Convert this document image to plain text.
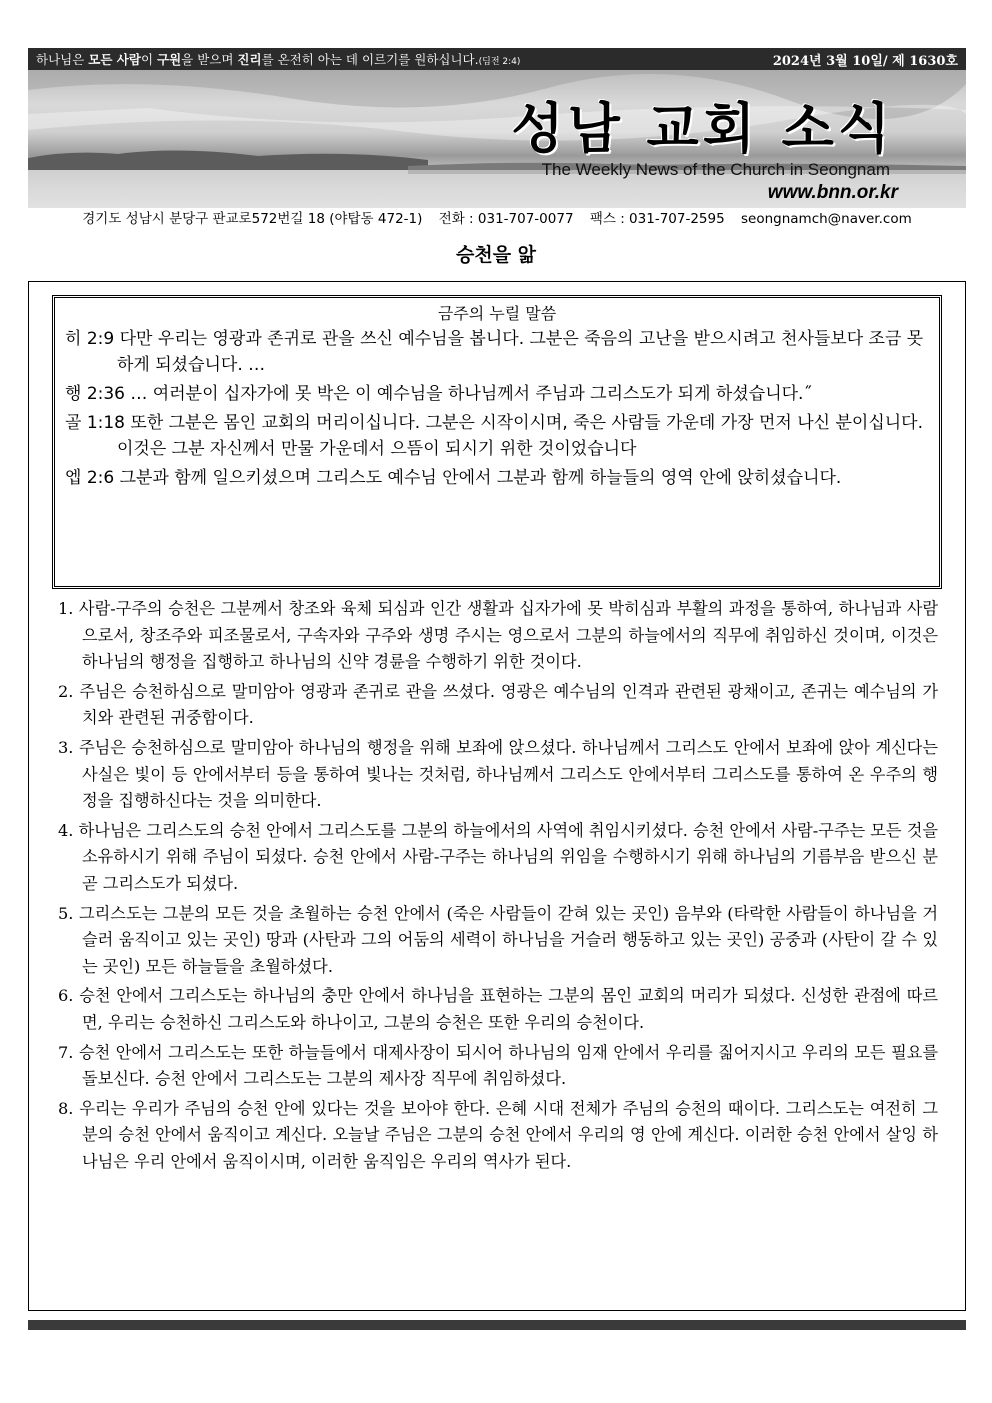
하나님은 모든 사람이 구원을 받으며 진리를 온전히 아는 데 이르기를 원하십니다.(딤전 2:4)	2024년 3월 10일/ 제 1630호
성남 교회 소식
The Weekly News of the Church in Seongnam
www.bnn.or.kr
경기도 성남시 분당구 판교로572번길 18 (야탑동 472-1) 전화 : 031-707-0077 팩스 : 031-707-2595 seongnamch@naver.com
승천을 앎
금주의 누릴 말씀
히 2:9 다만 우리는 영광과 존귀로 관을 쓰신 예수님을 봅니다. 그분은 죽음의 고난을 받으시려고 천사들보다 조금 못하게 되셨습니다. …
행 2:36 … 여러분이 십자가에 못 박은 이 예수님을 하나님께서 주님과 그리스도가 되게 하셨습니다.˝
골 1:18 또한 그분은 몸인 교회의 머리이십니다. 그분은 시작이시며, 죽은 사람들 가운데 가장 먼저 나신 분이십니다. 이것은 그분 자신께서 만물 가운데서 으뜸이 되시기 위한 것이었습니다
엡 2:6 그분과 함께 일으키셨으며 그리스도 예수님 안에서 그분과 함께 하늘들의 영역 안에 앉히셨습니다.
1. 사람-구주의 승천은 그분께서 창조와 육체 되심과 인간 생활과 십자가에 못 박히심과 부활의 과정을 통하여, 하나님과 사람으로서, 창조주와 피조물로서, 구속자와 구주와 생명 주시는 영으로서 그분의 하늘에서의 직무에 취임하신 것이며, 이것은 하나님의 행정을 집행하고 하나님의 신약 경륜을 수행하기 위한 것이다.
2. 주님은 승천하심으로 말미암아 영광과 존귀로 관을 쓰셨다. 영광은 예수님의 인격과 관련된 광채이고, 존귀는 예수님의 가치와 관련된 귀중함이다.
3. 주님은 승천하심으로 말미암아 하나님의 행정을 위해 보좌에 앉으셨다. 하나님께서 그리스도 안에서 보좌에 앉아 계신다는 사실은 빛이 등 안에서부터 등을 통하여 빛나는 것처럼, 하나님께서 그리스도 안에서부터 그리스도를 통하여 온 우주의 행정을 집행하신다는 것을 의미한다.
4. 하나님은 그리스도의 승천 안에서 그리스도를 그분의 하늘에서의 사역에 취임시키셨다. 승천 안에서 사람-구주는 모든 것을 소유하시기 위해 주님이 되셨다. 승천 안에서 사람-구주는 하나님의 위임을 수행하시기 위해 하나님의 기름부음 받으신 분 곧 그리스도가 되셨다.
5. 그리스도는 그분의 모든 것을 초월하는 승천 안에서 (죽은 사람들이 갇혀 있는 곳인) 음부와 (타락한 사람들이 하나님을 거슬러 움직이고 있는 곳인) 땅과 (사탄과 그의 어둠의 세력이 하나님을 거슬러 행동하고 있는 곳인) 공중과 (사탄이 갈 수 있는 곳인) 모든 하늘들을 초월하셨다.
6. 승천 안에서 그리스도는 하나님의 충만 안에서 하나님을 표현하는 그분의 몸인 교회의 머리가 되셨다. 신성한 관점에 따르면, 우리는 승천하신 그리스도와 하나이고, 그분의 승천은 또한 우리의 승천이다.
7. 승천 안에서 그리스도는 또한 하늘들에서 대제사장이 되시어 하나님의 임재 안에서 우리를 짊어지시고 우리의 모든 필요를 돌보신다. 승천 안에서 그리스도는 그분의 제사장 직무에 취임하셨다.
8. 우리는 우리가 주님의 승천 안에 있다는 것을 보아야 한다. 은혜 시대 전체가 주님의 승천의 때이다. 그리스도는 여전히 그분의 승천 안에서 움직이고 계신다. 오늘날 주님은 그분의 승천 안에서 우리의 영 안에 계신다. 이러한 승천 안에서 살잉 하나님은 우리 안에서 움직이시며, 이러한 움직임은 우리의 역사가 된다.
